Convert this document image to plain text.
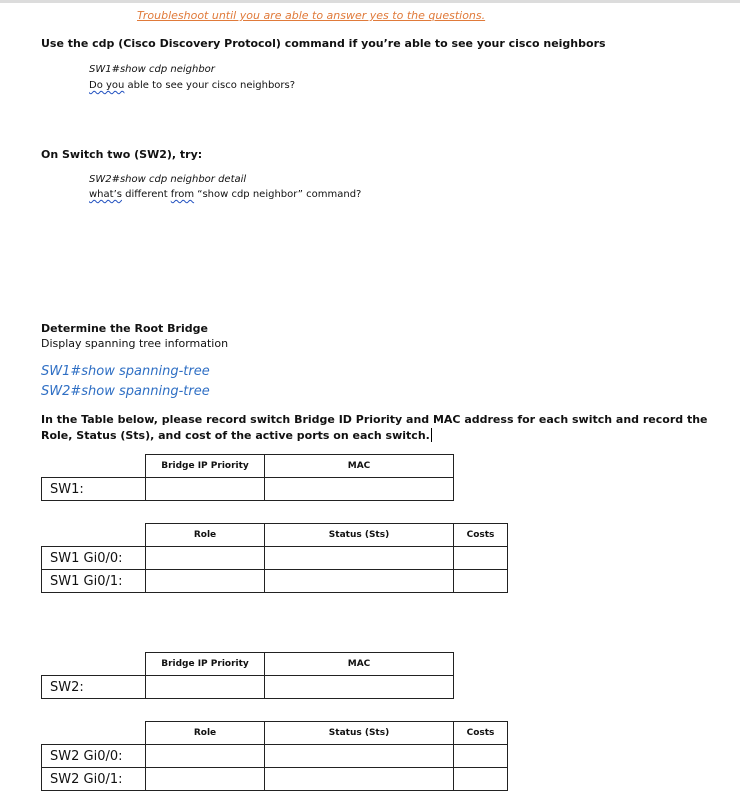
Troubleshoot until you are able to answer yes to the questions.
Use the cdp (Cisco Discovery Protocol) command if you’re able to see your cisco neighbors
SW1#show cdp neighbor
Do you able to see your cisco neighbors?
On Switch two (SW2), try:
SW2#show cdp neighbor detail
what’s different from “show cdp neighbor” command?
Determine the Root Bridge
Display spanning tree information
SW1#show spanning-tree
SW2#show spanning-tree
In the Table below, please record switch Bridge ID Priority and MAC address for each switch and record the Role, Status (Sts), and cost of the active ports on each switch.
	Bridge IP Priority	MAC
SW1:		
	Role	Status (Sts)	Costs
SW1 Gi0/0:			
SW1 Gi0/1:			
	Bridge IP Priority	MAC
SW2:		
	Role	Status (Sts)	Costs
SW2 Gi0/0:			
SW2 Gi0/1:			
